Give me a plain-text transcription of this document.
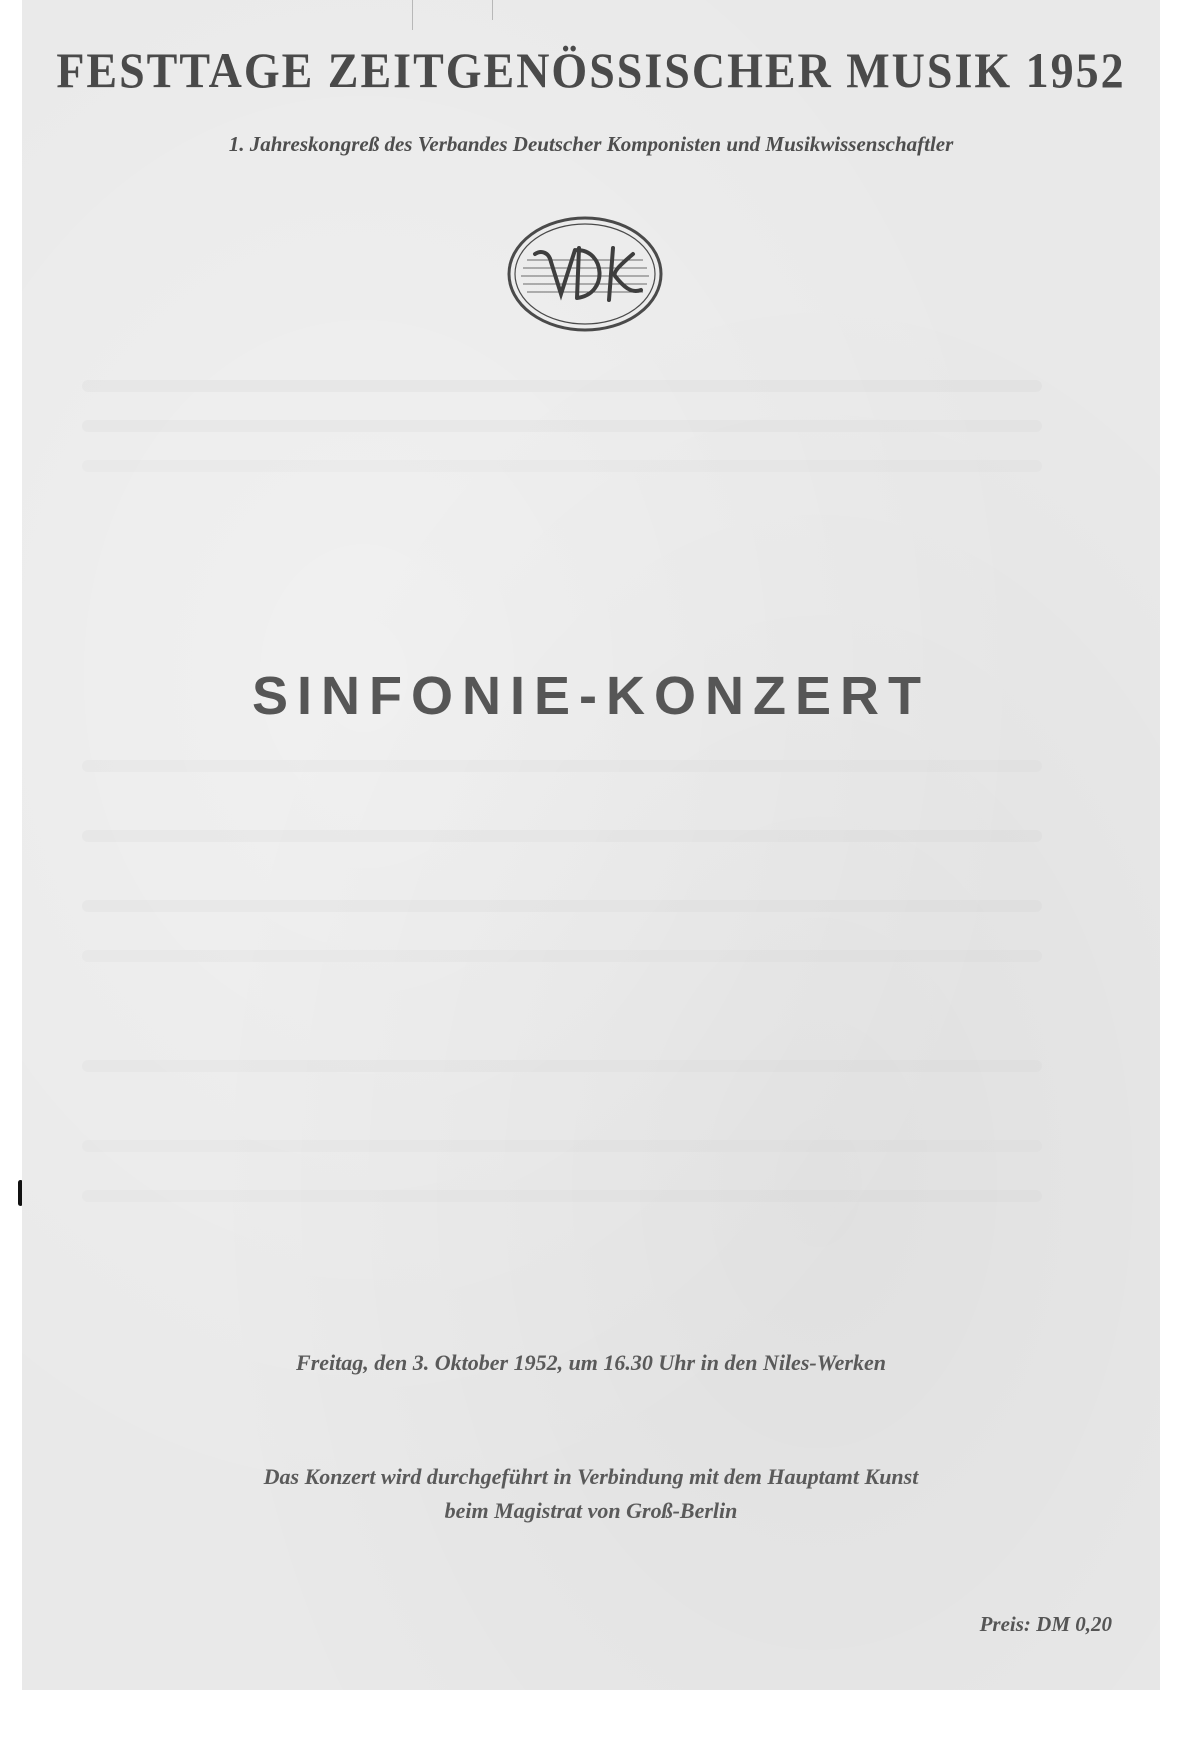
FESTTAGE ZEITGENÖSSISCHER MUSIK 1952
1. Jahreskongreß des Verbandes Deutscher Komponisten und Musikwissenschaftler
SINFONIE-KONZERT
Freitag, den 3. Oktober 1952, um 16.30 Uhr in den Niles-Werken
Das Konzert wird durchgeführt in Verbindung mit dem Hauptamt Kunst
beim Magistrat von Groß-Berlin
Preis: DM 0,20
